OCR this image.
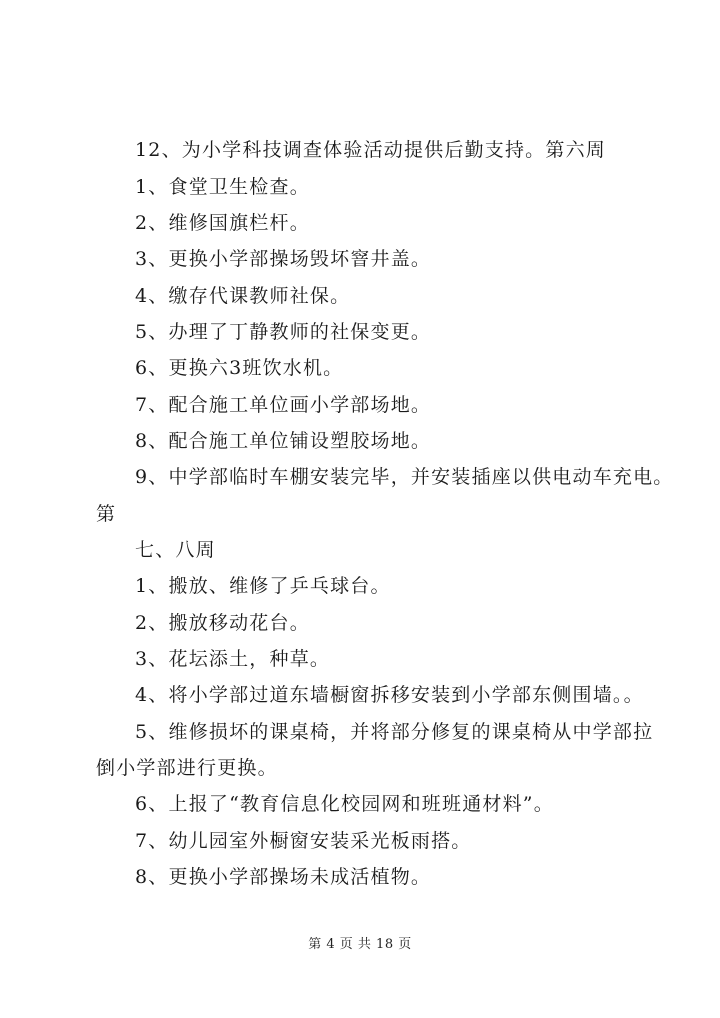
12、为小学科技调查体验活动提供后勤支持。第六周
1、食堂卫生检查。
2、维修国旗栏杆。
3、更换小学部操场毁坏窨井盖。
4、缴存代课教师社保。
5、办理了丁静教师的社保变更。
6、更换六3班饮水机。
7、配合施工单位画小学部场地。
8、配合施工单位铺设塑胶场地。
9、中学部临时车棚安装完毕，并安装插座以供电动车充电。
第
七、八周
1、搬放、维修了乒乓球台。
2、搬放移动花台。
3、花坛添土，种草。
4、将小学部过道东墙橱窗拆移安装到小学部东侧围墙。。
5、维修损坏的课桌椅，并将部分修复的课桌椅从中学部拉
倒小学部进行更换。
6、上报了“教育信息化校园网和班班通材料”。
7、幼儿园室外橱窗安装采光板雨搭。
8、更换小学部操场未成活植物。
第 4 页 共 18 页
